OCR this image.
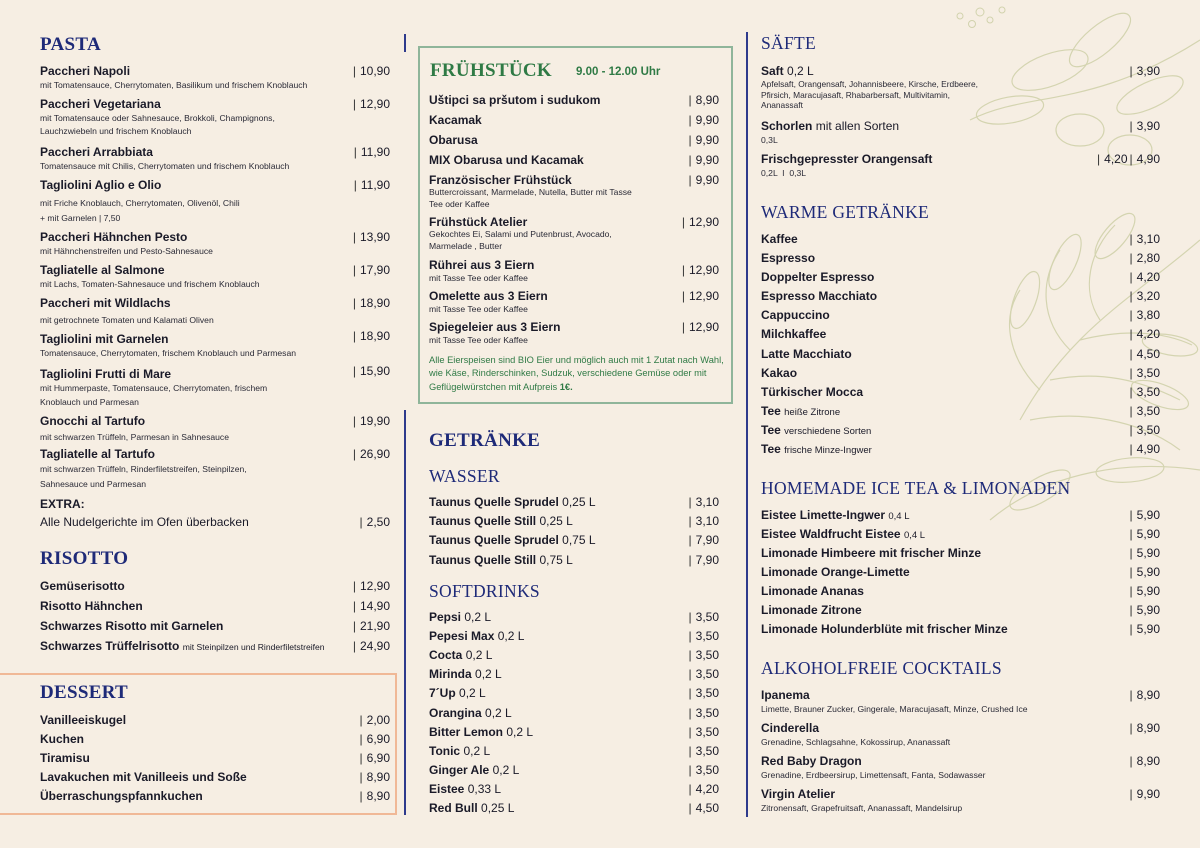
PASTA
Paccheri Napoli
mit Tomatensauce, Cherrytomaten, Basilikum und frischem Knoblauch
| 10,90
Paccheri Vegetariana
mit Tomatensauce oder Sahnesauce, Brokkoli, Champignons, Lauchzwiebeln und frischem Knoblauch
| 12,90
Paccheri Arrabbiata
Tomatensauce mit Chilis, Cherrytomaten und frischem Knoblauch
| 11,90
Tagliolini Aglio e Olio
mit Friche Knoblauch, Cherrytomaten, Olivenöl, Chili
+ mit Garnelen | 7,50
| 11,90
Paccheri Hähnchen Pesto
mit Hähnchenstreifen und Pesto-Sahnesauce
| 13,90
Tagliatelle al Salmone
mit Lachs, Tomaten-Sahnesauce und frischem Knoblauch
| 17,90
Paccheri mit Wildlachs
mit getrochnete Tomaten und Kalamati Oliven
| 18,90
Tagliolini mit Garnelen
Tomatensauce, Cherrytomaten, frischem Knoblauch und Parmesan
| 18,90
Tagliolini Frutti di Mare
mit Hummerpaste, Tomatensauce, Cherrytomaten, frischem Knoblauch und Parmesan
| 15,90
Gnocchi al Tartufo
mit schwarzen Trüffeln, Parmesan in Sahnesauce
| 19,90
Tagliatelle al Tartufo
mit schwarzen Trüffeln, Rinderfiletstreifen, Steinpilzen, Sahnesauce und Parmesan
| 26,90
EXTRA:
Alle Nudelgerichte im Ofen überbacken	| 2,50
RISOTTO
Gemüserisotto	| 12,90
Risotto Hähnchen	| 14,90
Schwarzes Risotto mit Garnelen	| 21,90
Schwarzes Trüffelrisotto mit Steinpilzen und Rinderfiletstreifen	| 24,90
DESSERT
Vanilleeiskugel	| 2,00
Kuchen	| 6,90
Tiramisu	| 6,90
Lavakuchen mit Vanilleeis und Soße	| 8,90
Überraschungspfannkuchen	| 8,90
FRÜHSTÜCK 9.00 - 12.00 Uhr
Uštipci sa pršutom i sudukom	| 8,90
Kacamak	| 9,90
Obarusa	| 9,90
MIX Obarusa und Kacamak	| 9,90
Französischer Frühstück
Buttercroissant, Marmelade, Nutella, Butter mit Tasse Tee oder Kaffee
| 9,90
Frühstück Atelier
Gekochtes Ei, Salami und Putenbrust, Avocado, Marmelade , Butter
| 12,90
Rührei aus 3 Eiern
mit Tasse Tee oder Kaffee
| 12,90
Omelette aus 3 Eiern
mit Tasse Tee oder Kaffee
| 12,90
Spiegeleier aus 3 Eiern
mit Tasse Tee oder Kaffee
| 12,90
GETRÄNKE
WASSER
Taunus Quelle Sprudel 0,25 L	| 3,10
Taunus Quelle Still 0,25 L	| 3,10
Taunus Quelle Sprudel 0,75 L	| 7,90
Taunus Quelle Still 0,75 L	| 7,90
SOFTDRINKS
Pepsi 0,2 L	| 3,50
Pepesi Max 0,2 L	| 3,50
Cocta 0,2 L	| 3,50
Mirinda 0,2 L	| 3,50
7´Up 0,2 L	| 3,50
Orangina 0,2 L	| 3,50
Bitter Lemon 0,2 L	| 3,50
Tonic 0,2 L	| 3,50
Ginger Ale 0,2 L	| 3,50
Eistee 0,33 L	| 4,20
Red Bull 0,25 L	| 4,50
Alle Eierspeisen sind BIO Eier und möglich auch mit 1 Zutat nach Wahl, wie Käse, Rinderschinken, Sudzuk, verschiedene Gemüse oder mit Geflügelwürstchen mit Aufpreis 1€.
SÄFTE
Saft 0,2 L
Apfelsaft, Orangensaft, Johannisbeere, Kirsche, Erdbeere, Pfirsich, Maracujasaft, Rhabarbersaft, Multivitamin, Ananassaft
| 3,90
Schorlen mit allen Sorten
0,3L
| 3,90
Frischgepresster Orangensaft
0,2L  I  0,3L
| 4,20 | 4,90
WARME GETRÄNKE
Kaffee	| 3,10
Espresso	| 2,80
Doppelter Espresso	| 4,20
Espresso Macchiato	| 3,20
Cappuccino	| 3,80
Milchkaffee	| 4,20
Latte Macchiato	| 4,50
Kakao	| 3,50
Türkischer Mocca	| 3,50
Tee heiße Zitrone	| 3,50
Tee verschiedene Sorten	| 3,50
Tee frische Minze-Ingwer	| 4,90
HOMEMADE ICE TEA & LIMONADEN
Eistee Limette-Ingwer 0,4 L	| 5,90
Eistee Waldfrucht Eistee 0,4 L	| 5,90
Limonade Himbeere mit frischer Minze	| 5,90
Limonade Orange-Limette	| 5,90
Limonade Ananas	| 5,90
Limonade Zitrone	| 5,90
Limonade Holunderblüte mit frischer Minze	| 5,90
ALKOHOLFREIE COCKTAILS
Ipanema
Limette, Brauner Zucker, Gingerale, Maracujasaft, Minze, Crushed Ice
| 8,90
Cinderella
Grenadine, Schlagsahne, Kokossirup, Ananassaft
| 8,90
Red Baby Dragon
Grenadine, Erdbeersirup, Limettensaft, Fanta, Sodawasser
| 8,90
Virgin Atelier
Zitronensaft, Grapefruitsaft, Ananassaft, Mandelsirup
| 9,90
